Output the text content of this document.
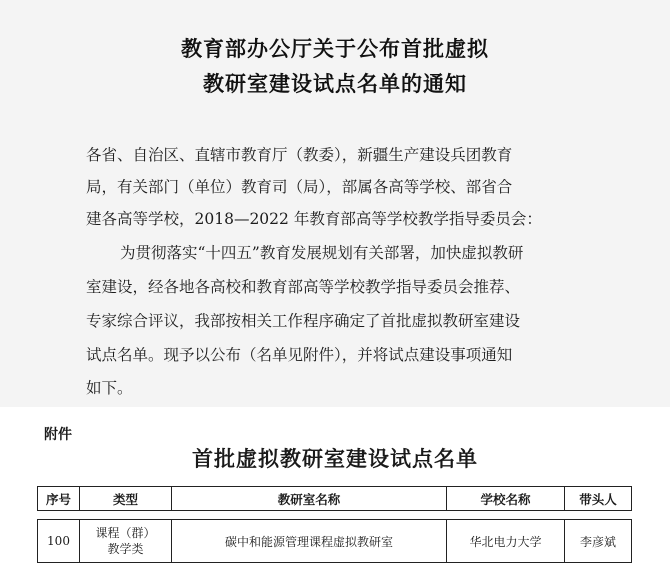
教育部办公厅关于公布首批虚拟
教研室建设试点名单的通知
各省、自治区、直辖市教育厅（教委），新疆生产建设兵团教育
局，有关部门（单位）教育司（局），部属各高等学校、部省合
建各高等学校，2018—2022 年教育部高等学校教学指导委员会：
为贯彻落实“十四五”教育发展规划有关部署，加快虚拟教研
室建设，经各地各高校和教育部高等学校教学指导委员会推荐、
专家综合评议，我部按相关工作程序确定了首批虚拟教研室建设
试点名单。现予以公布（名单见附件），并将试点建设事项通知
如下。
附件
首批虚拟教研室建设试点名单
序号	类型	教研室名称	学校名称	带头人

100	课程（群）
教学类	碳中和能源管理课程虚拟教研室	华北电力大学	李彦斌
